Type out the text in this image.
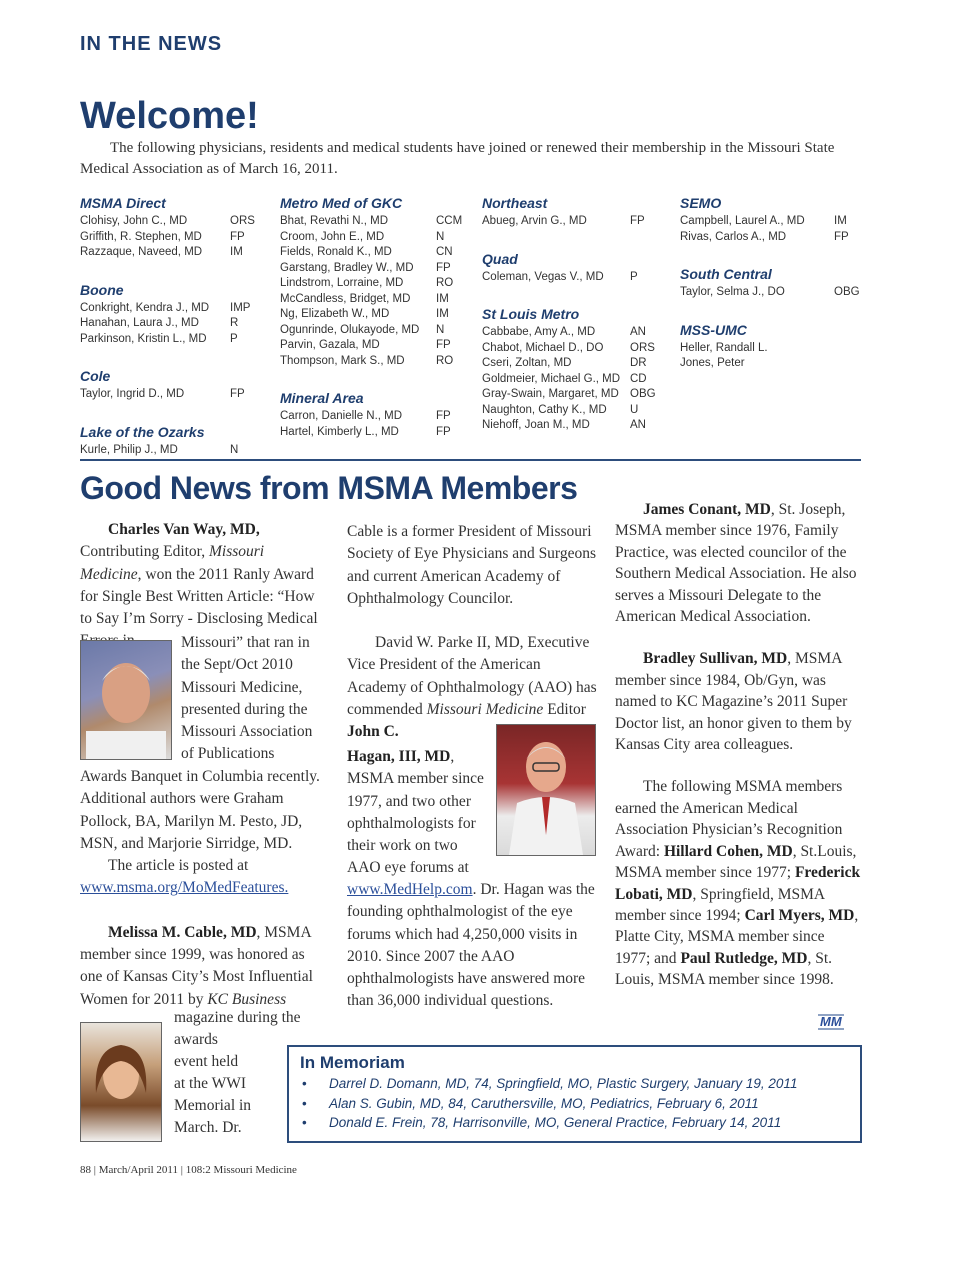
IN THE NEWS
Welcome!
The following physicians, residents and medical students have joined or renewed their membership in the Missouri State Medical Association as of March 16, 2011.
MSMA Direct
Clohisy, John C., MD	ORS
Griffith, R. Stephen, MD	FP
Razzaque, Naveed, MD	IM
Boone
Conkright, Kendra J., MD	IMP
Hanahan, Laura J., MD	R
Parkinson, Kristin L., MD	P
Cole
Taylor, Ingrid D., MD	FP
Lake of the Ozarks
Kurle, Philip J., MD	N
Metro Med of GKC
Bhat, Revathi N., MD	CCM
Croom, John E., MD	N
Fields, Ronald K., MD	CN
Garstang, Bradley W., MD	FP
Lindstrom, Lorraine, MD	RO
McCandless, Bridget, MD	IM
Ng, Elizabeth W., MD	IM
Ogunrinde, Olukayode, MD	N
Parvin, Gazala, MD	FP
Thompson, Mark S., MD	RO
Mineral Area
Carron, Danielle N., MD	FP
Hartel, Kimberly L., MD	FP
Northeast
Abueg, Arvin G., MD	FP
Quad
Coleman, Vegas V., MD	P
St Louis Metro
Cabbabe, Amy A., MD	AN
Chabot, Michael D., DO	ORS
Cseri, Zoltan, MD	DR
Goldmeier, Michael G., MD CD
Gray-Swain, Margaret, MD OBG
Naughton, Cathy K., MD	U
Niehoff, Joan M., MD	AN
SEMO
Campbell, Laurel A., MD	IM
Rivas, Carlos A., MD	FP
South Central
Taylor, Selma J., DO	OBG
MSS-UMC
Heller, Randall L.
Jones, Peter
Good News from MSMA Members
Charles Van Way, MD,
Contributing Editor, Missouri Medicine, won the 2011 Ranly Award for Single Best Written Article: “How to Say I’m Sorry - Disclosing Medical
Missouri” that ran in
the Sept/Oct 2010
Missouri Medicine,
presented during the
Missouri Association
of Publications
Awards Banquet in Columbia recently. Additional authors were Graham Pollock, BA, Marilyn M. Pesto, JD, MSN, and Marjorie Sirridge, MD.
The article is posted at www.msma.org/MoMedFeatures.
Melissa M. Cable, MD, MSMA member since 1999, was honored as one of Kansas City’s Most Influential Women for 2011 by KC Business
magazine during the
awards
event held
at the WWI
Memorial in
March. Dr.
Cable is a former President of Missouri Society of Eye Physicians and Surgeons and current American Academy of Ophthalmology Councilor.
David W. Parke II, MD, Executive Vice President of the American Academy of Ophthalmology (AAO) has commended Missouri Medicine Editor John C.
Hagan, III, MD,
MSMA member since
1977, and two other
ophthalmologists for
their work on two
AAO eye forums at
www.MedHelp.com. Dr. Hagan was the founding ophthalmologist of the eye forums which had 4,250,000 visits in 2010. Since 2007 the AAO ophthalmologists have answered more than 36,000 individual questions.
James Conant, MD, St. Joseph, MSMA member since 1976, Family Practice, was elected councilor of the Southern Medical Association. He also serves a Missouri Delegate to the American Medical Association.
Bradley Sullivan, MD, MSMA member since 1984, Ob/Gyn, was named to KC Magazine’s 2011 Super Doctor list, an honor given to them by Kansas City area colleagues.
The following MSMA members earned the American Medical Association Physician’s Recognition Award: Hillard Cohen, MD, St.Louis, MSMA member since 1977; Frederick Lobati, MD, Springfield, MSMA member since 1994; Carl Myers, MD, Platte City, MSMA member since 1977; and Paul Rutledge, MD, St. Louis, MSMA member since 1998.
MM
In Memoriam
• Darrel D. Domann, MD, 74, Springfield, MO, Plastic Surgery, January 19, 2011
• Alan S. Gubin, MD, 84, Caruthersville, MO, Pediatrics, February 6, 2011
• Donald E. Frein, 78, Harrisonville, MO, General Practice, February 14, 2011
88 | March/April 2011 | 108:2 Missouri Medicine
